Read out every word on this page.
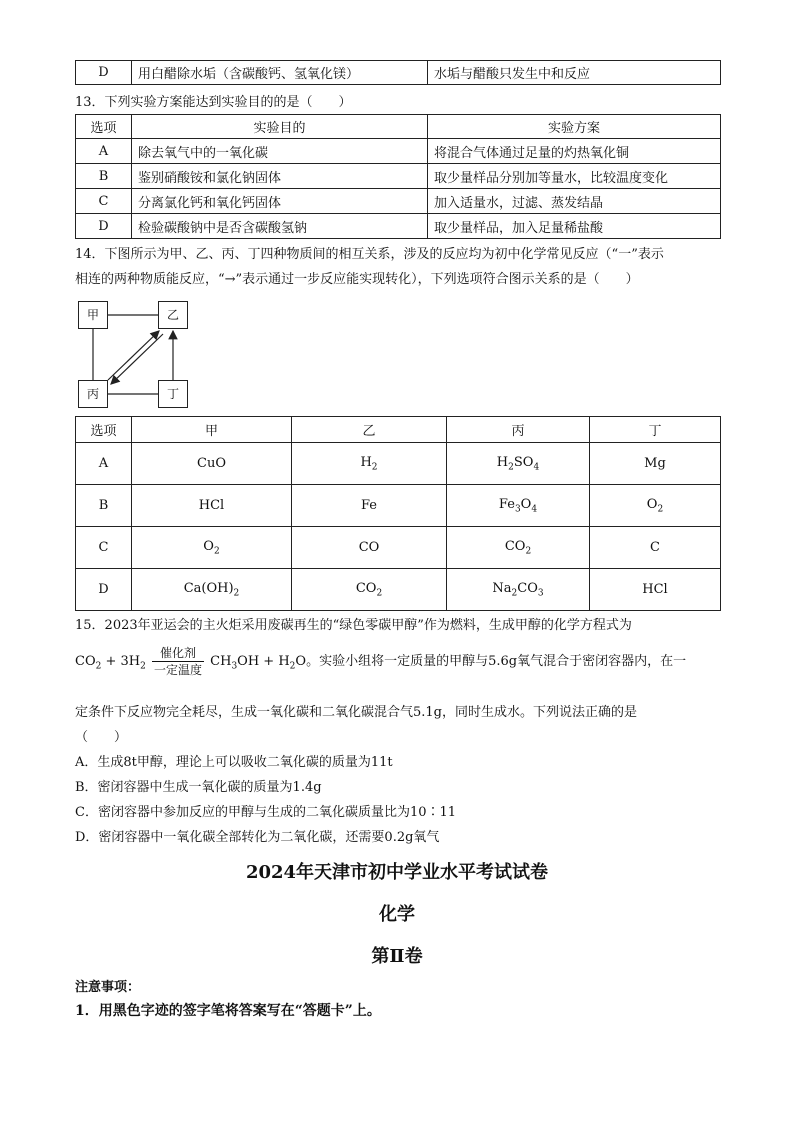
D	用白醋除水垢（含碳酸钙、氢氧化镁）	水垢与醋酸只发生中和反应
13．下列实验方案能达到实验目的的是（　　）
选项	实验目的	实验方案
A	除去氧气中的一氧化碳	将混合气体通过足量的灼热氧化铜
B	鉴别硝酸铵和氯化钠固体	取少量样品分别加等量水，比较温度变化
C	分离氯化钙和氧化钙固体	加入适量水，过滤、蒸发结晶
D	检验碳酸钠中是否含碳酸氢钠	取少量样品，加入足量稀盐酸
14．下图所示为甲、乙、丙、丁四种物质间的相互关系，涉及的反应均为初中化学常见反应（“一”表示
相连的两种物质能反应，“→”表示通过一步反应能实现转化），下列选项符合图示关系的是（　　）
甲	乙
丙	丁
选项	甲	乙	丙	丁
A	CuO	$H_2$	$H_2SO_4$	Mg
B	HCl	Fe	$Fe_3O_4$	$O_2$
C	$O_2$	CO	$CO_2$	C
D	$Ca(OH)_2$	$CO_2$	$Na_2CO_3$	HCl
15．2023年亚运会的主火炬采用废碳再生的“绿色零碳甲醇”作为燃料，生成甲醇的化学方程式为
$CO_2 + 3H_2 \frac{\text{催化剂}}{\text{一定温度}} CH_3OH + H_2O$。实验小组将一定质量的甲醇与5.6g氧气混合于密闭容器内，在一
定条件下反应物完全耗尽，生成一氧化碳和二氧化碳混合气5.1g，同时生成水。下列说法正确的是
（　　）
A．生成8t甲醇，理论上可以吸收二氧化碳的质量为11t
B．密闭容器中生成一氧化碳的质量为1.4g
C．密闭容器中参加反应的甲醇与生成的二氧化碳质量比为10∶11
D．密闭容器中一氧化碳全部转化为二氧化碳，还需要0.2g氧气
2024年天津市初中学业水平考试试卷
化学
第Ⅱ卷
注意事项：
1．用黑色字迹的签字笔将答案写在“答题卡”上。
